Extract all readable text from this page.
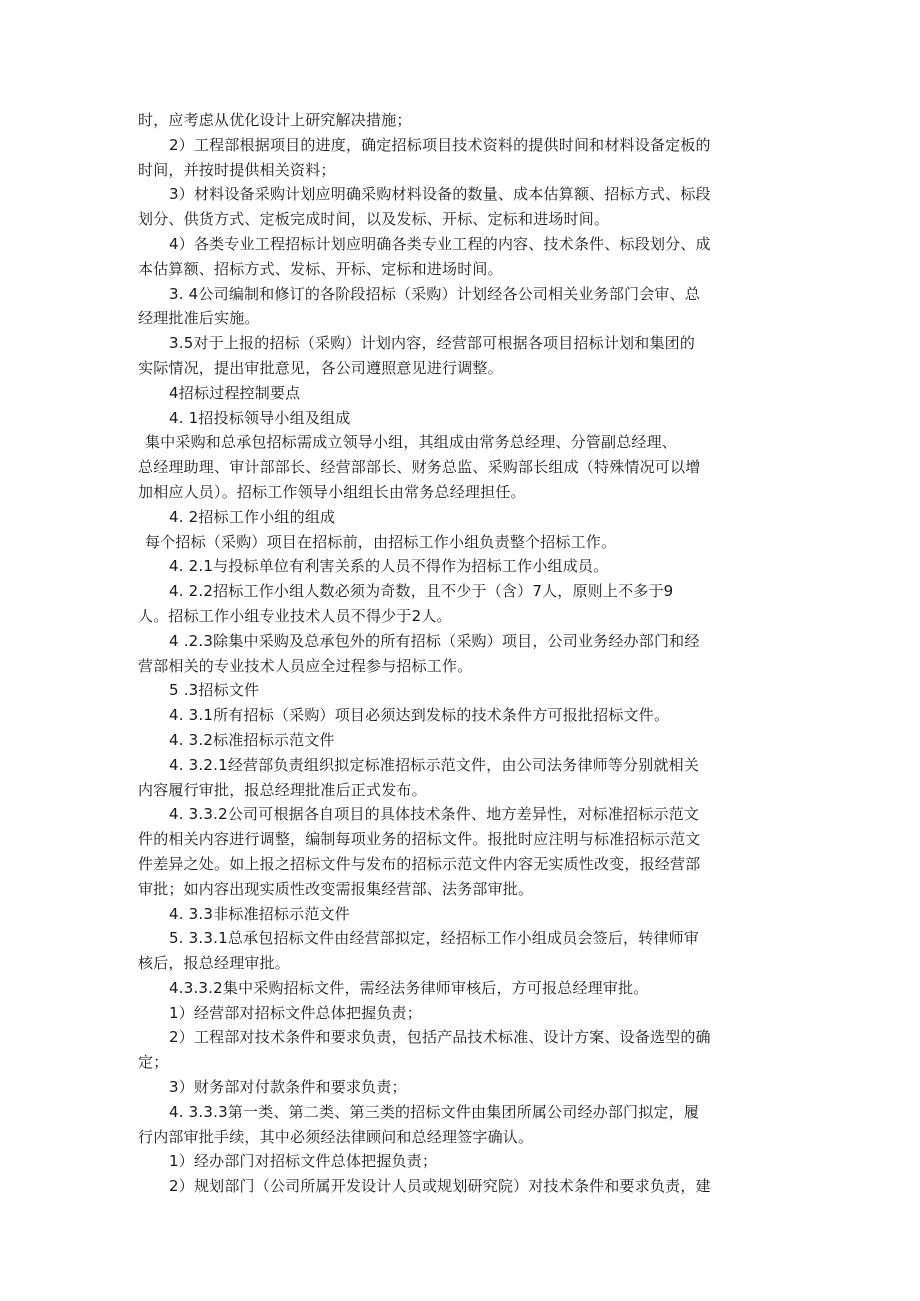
时，应考虑从优化设计上研究解决措施；
2）工程部根据项目的进度，确定招标项目技术资料的提供时间和材料设备定板的
时间，并按时提供相关资料；
3）材料设备采购计划应明确采购材料设备的数量、成本估算额、招标方式、标段
划分、供货方式、定板完成时间，以及发标、开标、定标和进场时间。
4）各类专业工程招标计划应明确各类专业工程的内容、技术条件、标段划分、成
本估算额、招标方式、发标、开标、定标和进场时间。
3. 4公司编制和修订的各阶段招标（采购）计划经各公司相关业务部门会审、总
经理批准后实施。
3.5对于上报的招标（采购）计划内容，经营部可根据各项目招标计划和集团的
实际情况，提出审批意见，各公司遵照意见进行调整。
4招标过程控制要点
4. 1招投标领导小组及组成
集中采购和总承包招标需成立领导小组，其组成由常务总经理、分管副总经理、
总经理助理、审计部部长、经营部部长、财务总监、采购部长组成（特殊情况可以增
加相应人员）。招标工作领导小组组长由常务总经理担任。
4. 2招标工作小组的组成
每个招标（采购）项目在招标前，由招标工作小组负责整个招标工作。
4. 2.1与投标单位有利害关系的人员不得作为招标工作小组成员。
4. 2.2招标工作小组人数必须为奇数，且不少于（含）7人，原则上不多于9
人。招标工作小组专业技术人员不得少于2人。
4 .2.3除集中采购及总承包外的所有招标（采购）项目，公司业务经办部门和经
营部相关的专业技术人员应全过程参与招标工作。
5 .3招标文件
4. 3.1所有招标（采购）项目必须达到发标的技术条件方可报批招标文件。
4. 3.2标准招标示范文件
4. 3.2.1经营部负责组织拟定标准招标示范文件，由公司法务律师等分别就相关
内容履行审批，报总经理批准后正式发布。
4. 3.3.2公司可根据各自项目的具体技术条件、地方差异性，对标准招标示范文
件的相关内容进行调整，编制每项业务的招标文件。报批时应注明与标准招标示范文
件差异之处。如上报之招标文件与发布的招标示范文件内容无实质性改变，报经营部
审批；如内容出现实质性改变需报集经营部、法务部审批。
4. 3.3非标准招标示范文件
5. 3.3.1总承包招标文件由经营部拟定，经招标工作小组成员会签后，转律师审
核后，报总经理审批。
4.3.3.2集中采购招标文件，需经法务律师审核后，方可报总经理审批。
1）经营部对招标文件总体把握负责；
2）工程部对技术条件和要求负责，包括产品技术标准、设计方案、设备选型的确
定；
3）财务部对付款条件和要求负责；
4. 3.3.3第一类、第二类、第三类的招标文件由集团所属公司经办部门拟定，履
行内部审批手续，其中必须经法律顾问和总经理签字确认。
1）经办部门对招标文件总体把握负责；
2）规划部门（公司所属开发设计人员或规划研究院）对技术条件和要求负责，建
